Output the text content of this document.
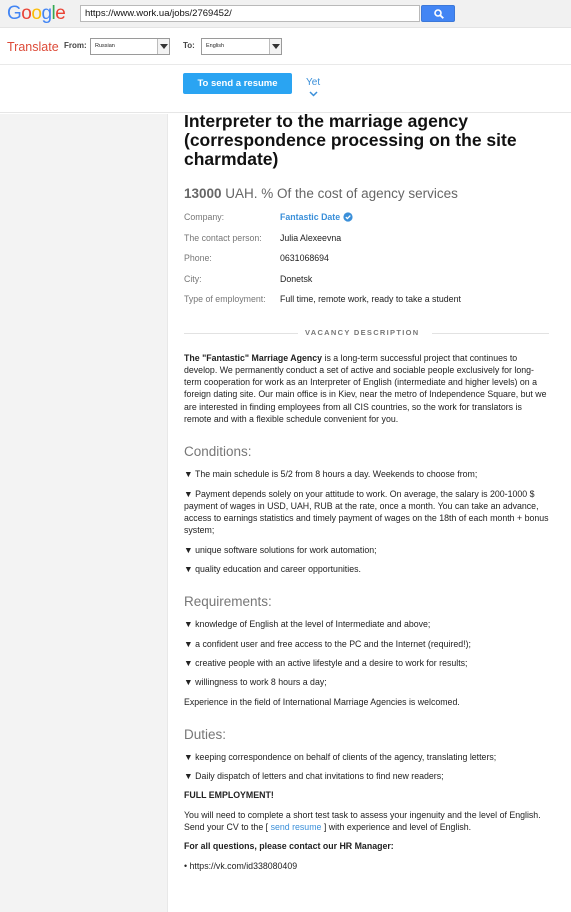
Google	https://www.work.ua/jobs/2769452/
Translate From:	Russian	To:	English
To send a resume	Yet
Interpreter to the marriage agency (correspondence processing on the site charmdate)
13000 UAH. % Of the cost of agency services
Company:	Fantastic Date
The contact person: Julia Alexeevna
Phone:	0631068694
City:	Donetsk
Type of employment: Full time, remote work, ready to take a student
VACANCY DESCRIPTION
The "Fantastic" Marriage Agency is a long-term successful project that continues to develop. We permanently conduct a set of active and sociable people exclusively for long-term cooperation for work as an Interpreter of English (intermediate and higher levels) on a foreign dating site. Our main office is in Kiev, near the metro of Independence Square, but we are interested in finding employees from all CIS countries, so the work for translators is remote and with a flexible schedule convenient for you.
Conditions:
▼ The main schedule is 5/2 from 8 hours a day. Weekends to choose from;
▼ Payment depends solely on your attitude to work. On average, the salary is 200-1000 $ payment of wages in USD, UAH, RUB at the rate, once a month. You can take an advance, access to earnings statistics and timely payment of wages on the 18th of each month + bonus system;
▼ unique software solutions for work automation;
▼ quality education and career opportunities.
Requirements:
▼ knowledge of English at the level of Intermediate and above;
▼ a confident user and free access to the PC and the Internet (required!);
▼ creative people with an active lifestyle and a desire to work for results;
▼ willingness to work 8 hours a day;
Experience in the field of International Marriage Agencies is welcomed.
Duties:
▼ keeping correspondence on behalf of clients of the agency, translating letters;
▼ Daily dispatch of letters and chat invitations to find new readers;
FULL EMPLOYMENT!
You will need to complete a short test task to assess your ingenuity and the level of English. Send your CV to the [ send resume ] with experience and level of English.
For all questions, please contact our HR Manager:
• https://vk.com/id338080409
